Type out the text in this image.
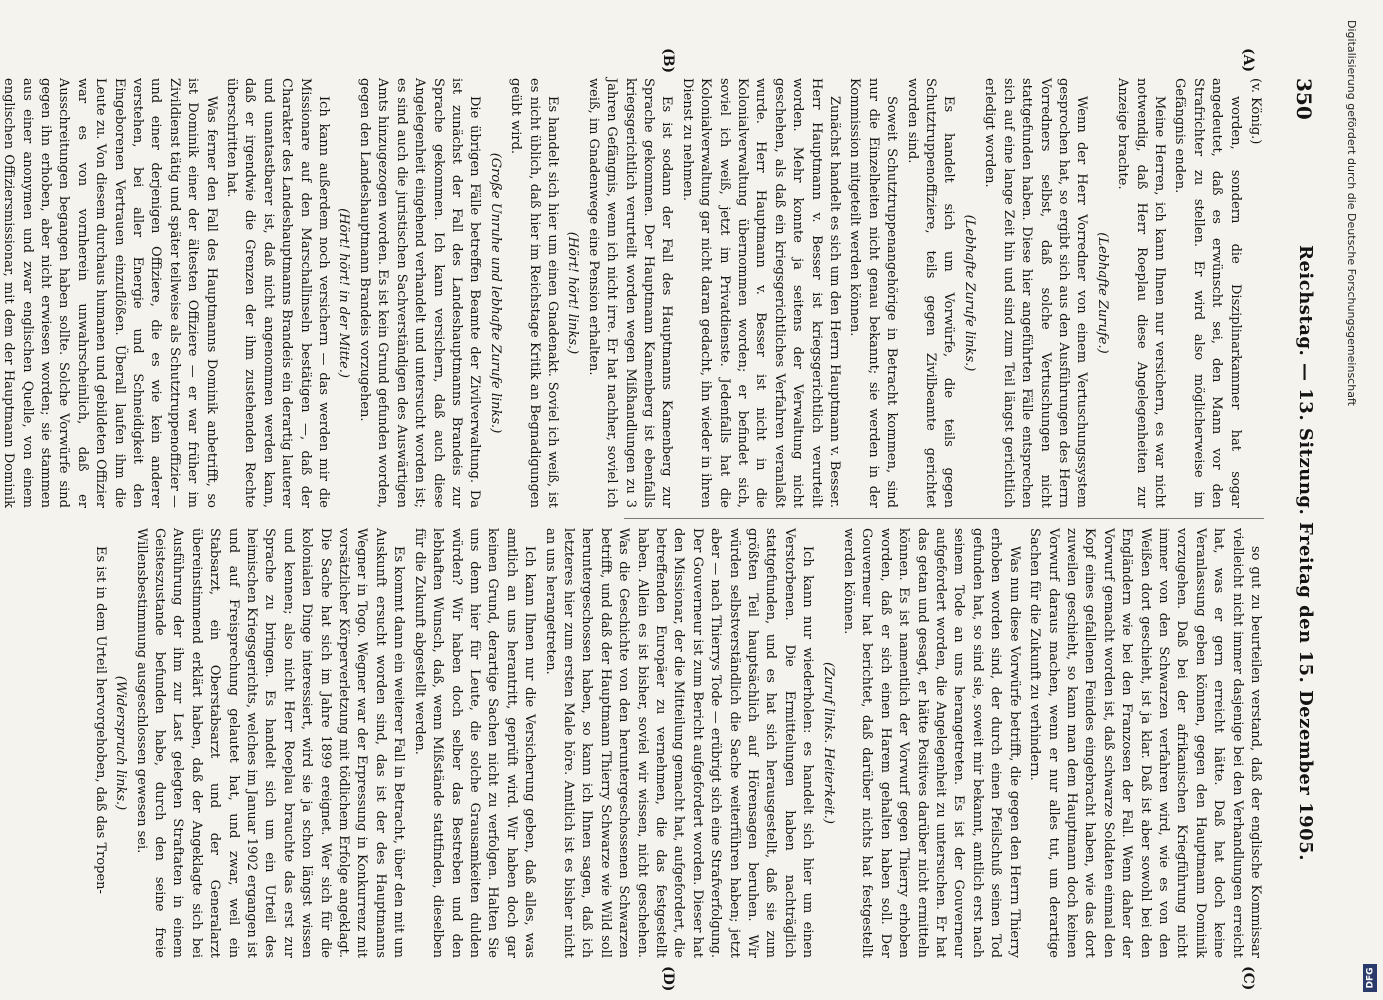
350
Reichstag. — 13. Sitzung. Freitag den 15. Dezember 1905.
(A)
(B)
(C)
(D)

(v. König.)

worden, sondern die Disziplinarkammer hat sogar angedeutet, daß es erwünscht sei, den Mann vor den Strafrichter zu stellen. Er wird also möglicherweise im Gefängnis enden.

Meine Herren, ich kann Ihnen nur versichern, es war nicht notwendig, daß Herr Roeplau diese Angelegenheiten zur Anzeige brachte.

(Lebhafte Zurufe.)

Wenn der Herr Vorredner von einem Vertuschungssystem gesprochen hat, so ergibt sich aus den Ausführungen des Herrn Vorredners selbst, daß solche Vertuschungen nicht stattgefunden haben. Diese hier angeführten Fälle entsprechen sich auf eine lange Zeit hin und sind zum Teil längst gerichtlich erledigt worden.

(Lebhafte Zurufe links.)

Es handelt sich um Vorwürfe, die teils gegen Schutztruppenoffiziere, teils gegen Zivilbeamte gerichtet worden sind.

Soweit Schutztruppenangehörige in Betracht kommen, sind nur die Einzelheiten nicht genau bekannt; sie werden in der Kommission mitgeteilt werden können.

Zunächst handelt es sich um den Herrn Hauptmann v. Besser. Herr Hauptmann v. Besser ist kriegsgerichtlich verurteilt worden. Mehr konnte ja seitens der Verwaltung nicht geschehen, als daß ein kriegsgerichtliches Verfahren veranlaßt wurde. Herr Hauptmann v. Besser ist nicht in die Kolonialverwaltung übernommen worden; er befindet sich, soviel ich weiß, jetzt im Privatdienste. Jedenfalls hat die Kolonialverwaltung gar nicht daran gedacht, ihn wieder in ihren Dienst zu nehmen.

Es ist sodann der Fall des Hauptmanns Kamenberg zur Sprache gekommen. Der Hauptmann Kamenberg ist ebenfalls kriegsgerichtlich verurteilt worden wegen Mißhandlungen zu 3 Jahren Gefängnis, wenn ich nicht irre. Er hat nachher, soviel ich weiß, im Gnadenwege eine Pension erhalten.

(Hört! hört! links.)

Es handelt sich hier um einen Gnadenakt. Soviel ich weiß, ist es nicht üblich, daß hier im Reichstage Kritik an Begnadigungen geübt wird.

(Große Unruhe und lebhafte Zurufe links.)

Die übrigen Fälle betreffen Beamte der Zivilverwaltung. Da ist zunächst der Fall des Landeshauptmanns Brandeis zur Sprache gekommen. Ich kann versichern, daß auch diese Angelegenheit eingehend verhandelt und untersucht worden ist; es sind auch die juristischen Sachverständigen des Auswärtigen Amts hinzugezogen worden. Es ist kein Grund gefunden worden, gegen den Landeshauptmann Brandeis vorzugehen.

(Hört! hört! in der Mitte.)

Ich kann außerdem noch versichern — das werden mir die Missionare auf den Marschallinseln bestätigen —, daß der Charakter des Landeshauptmanns Brandeis ein derartig lauterer und unantastbarer ist, daß nicht angenommen werden kann, daß er irgendwie die Grenzen der ihm zustehenden Rechte überschritten hat.

Was ferner den Fall des Hauptmanns Dominik anbetrifft, so ist Dominik einer der ältesten Offiziere — er war früher im Zivildienst tätig und später teilweise als Schutztruppenoffizier — und einer derjenigen Offiziere, die es wie kein anderer verstehen, bei aller Energie und Schneidigkeit den Eingeborenen Vertrauen einzuflößen. Überall laufen ihm die Leute zu. Von diesem durchaus humanen und gebildeten Offizier war es von vornherein unwahrscheinlich, daß er Ausschreitungen begangen haben sollte. Solche Vorwürfe sind gegen ihn erhoben, aber nicht erwiesen worden; sie stammen aus einer anonymen und zwar englischen Quelle, von einem englischen Offiziersmissionar, mit dem der Hauptmann Dominik

so gut zu beurteilen verstand, daß der englische Kommissar vielleicht nicht immer dasjenige bei den Verhandlungen erreicht hat, was er gern erreicht hätte. Daß hat doch keine Veranlassung geben können, gegen den Hauptmann Dominik vorzugehen. Daß bei der afrikanischen Kriegführung nicht immer von den Schwarzen verfahren wird, wie es von den Weißen dort geschieht, ist ja klar. Daß ist aber sowohl bei den Engländern wie bei den Franzosen der Fall. Wenn daher der Vorwurf gemacht worden ist, daß schwarze Soldaten einmal den Kopf eines gefallenen Feindes eingebracht haben, wie das dort zuweilen geschieht, so kann man dem Hauptmann doch keinen Vorwurf daraus machen, wenn er nur alles tut, um derartige Sachen für die Zukunft zu verhindern.

Was nun diese Vorwürfe betrifft, die gegen den Herrn Thierry erhoben worden sind, der durch einen Pfeilschuß seinen Tod gefunden hat, so sind sie, soweit mir bekannt, amtlich erst nach seinem Tode an uns herangetreten. Es ist der Gouverneur aufgefordert worden, die Angelegenheit zu untersuchen. Er hat das getan und gesagt, er hätte Positives darüber nicht ermitteln können. Es ist namentlich der Vorwurf gegen Thierry erhoben worden, daß er sich einen Harem gehalten haben soll. Der Gouverneur hat berichtet, daß darüber nichts hat festgestellt werden können.

(Zuruf links. Heiterkeit.)

Ich kann nur wiederholen: es handelt sich hier um einen Verstorbenen. Die Ermittelungen haben nachträglich stattgefunden, und es hat sich herausgestellt, daß sie zum größten Teil hauptsächlich auf Hörensagen beruhen. Wir würden selbstverständlich die Sache weiterführen haben; jetzt aber — nach Thierrys Tode — erübrigt sich eine Strafverfolgung. Der Gouverneur ist zum Bericht aufgefordert worden. Dieser hat den Missionar, der die Mitteilung gemacht hat, aufgefordert, die betreffenden Europäer zu vernehmen, die das festgestellt haben. Allein es ist bisher, soviel wir wissen, nicht geschehen. Was die Geschichte von den heruntergeschossenen Schwarzen betrifft, und daß der Hauptmann Thierry Schwarze wie Wild soll heruntergeschossen haben, so kann ich Ihnen sagen, daß ich letzteres hier zum ersten Male höre. Amtlich ist es bisher nicht an uns herangetreten.

Ich kann Ihnen nur die Versicherung geben, daß alles, was amtlich an uns herantritt, geprüft wird. Wir haben doch gar keinen Grund, derartige Sachen nicht zu verfolgen. Halten Sie uns denn hier für Leute, die solche Grausamkeiten dulden würden? Wir haben doch selber das Bestreben und den lebhaften Wunsch, daß, wenn Mißstände stattfinden, dieselben für die Zukunft abgestellt werden.

Es kommt dann ein weiterer Fall in Betracht, über den mit um Auskunft ersucht worden sind, das ist der des Hauptmanns Wegner in Togo. Wegner war der Erpressung in Konkurrenz mit vorsätzlicher Körperverletzung mit tödlichem Erfolge angeklagt. Die Sache hat sich im Jahre 1899 ereignet. Wer sich für die kolonialen Dinge interessiert, wird sie ja schon längst wissen und kennen; also nicht Herr Roeplau brauchte das erst zur Sprache zu bringen. Es handelt sich um ein Urteil des heimischen Kriegsgerichts, welches im Januar 1902 ergangen ist und auf Freisprechung gelautet hat, und zwar, weil ein Stabsarzt, ein Oberstabsarzt und der Generalarzt übereinstimmend erklärt haben, daß der Angeklagte sich bei Ausführung der ihm zur Last gelegten Straftaten in einem Geisteszustande befunden habe, durch den seine freie Willensbestimmung ausgeschlossen gewesen sei.

(Widerspruch links.)

Es ist in dem Urteil hervorgehoben, daß das Tropen-

Digitalisierung gefördert durch die Deutsche Forschungsgemeinschaft
DFG
